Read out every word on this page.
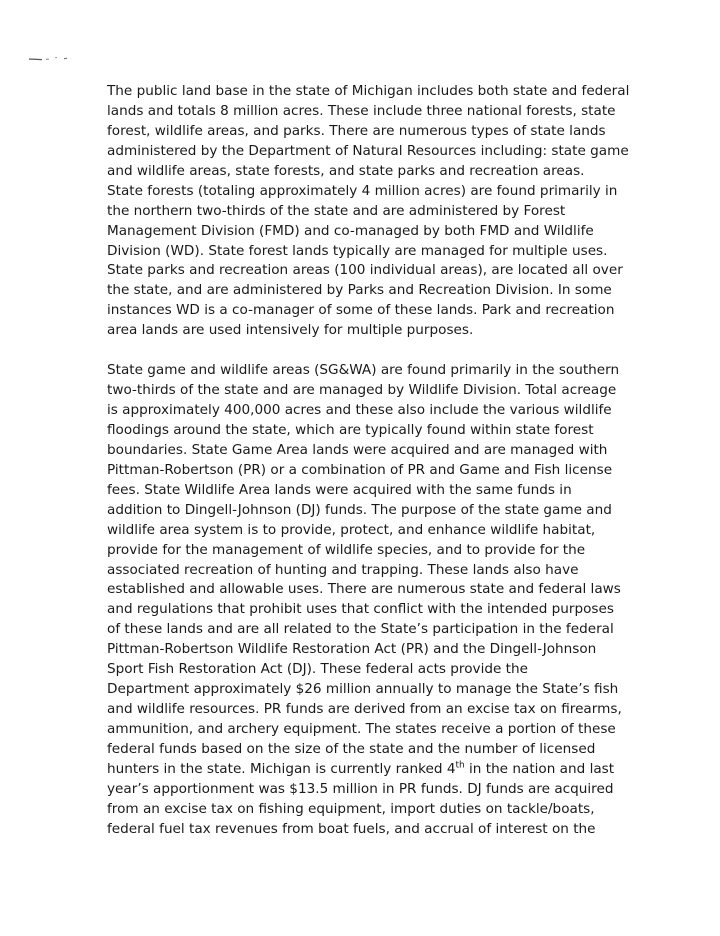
The public land base in the state of Michigan includes both state and federal
lands and totals 8 million acres. These include three national forests, state
forest, wildlife areas, and parks. There are numerous types of state lands
administered by the Department of Natural Resources including: state game
and wildlife areas, state forests, and state parks and recreation areas.
State forests (totaling approximately 4 million acres) are found primarily in
the northern two-thirds of the state and are administered by Forest
Management Division (FMD) and co-managed by both FMD and Wildlife
Division (WD). State forest lands typically are managed for multiple uses.
State parks and recreation areas (100 individual areas), are located all over
the state, and are administered by Parks and Recreation Division. In some
instances WD is a co-manager of some of these lands. Park and recreation
area lands are used intensively for multiple purposes.
State game and wildlife areas (SG&WA) are found primarily in the southern
two-thirds of the state and are managed by Wildlife Division. Total acreage
is approximately 400,000 acres and these also include the various wildlife
floodings around the state, which are typically found within state forest
boundaries. State Game Area lands were acquired and are managed with
Pittman-Robertson (PR) or a combination of PR and Game and Fish license
fees. State Wildlife Area lands were acquired with the same funds in
addition to Dingell-Johnson (DJ) funds. The purpose of the state game and
wildlife area system is to provide, protect, and enhance wildlife habitat,
provide for the management of wildlife species, and to provide for the
associated recreation of hunting and trapping. These lands also have
established and allowable uses. There are numerous state and federal laws
and regulations that prohibit uses that conflict with the intended purposes
of these lands and are all related to the State’s participation in the federal
Pittman-Robertson Wildlife Restoration Act (PR) and the Dingell-Johnson
Sport Fish Restoration Act (DJ). These federal acts provide the
Department approximately $26 million annually to manage the State’s fish
and wildlife resources. PR funds are derived from an excise tax on firearms,
ammunition, and archery equipment. The states receive a portion of these
federal funds based on the size of the state and the number of licensed
hunters in the state. Michigan is currently ranked 4th in the nation and last
year’s apportionment was $13.5 million in PR funds. DJ funds are acquired
from an excise tax on fishing equipment, import duties on tackle/boats,
federal fuel tax revenues from boat fuels, and accrual of interest on the
